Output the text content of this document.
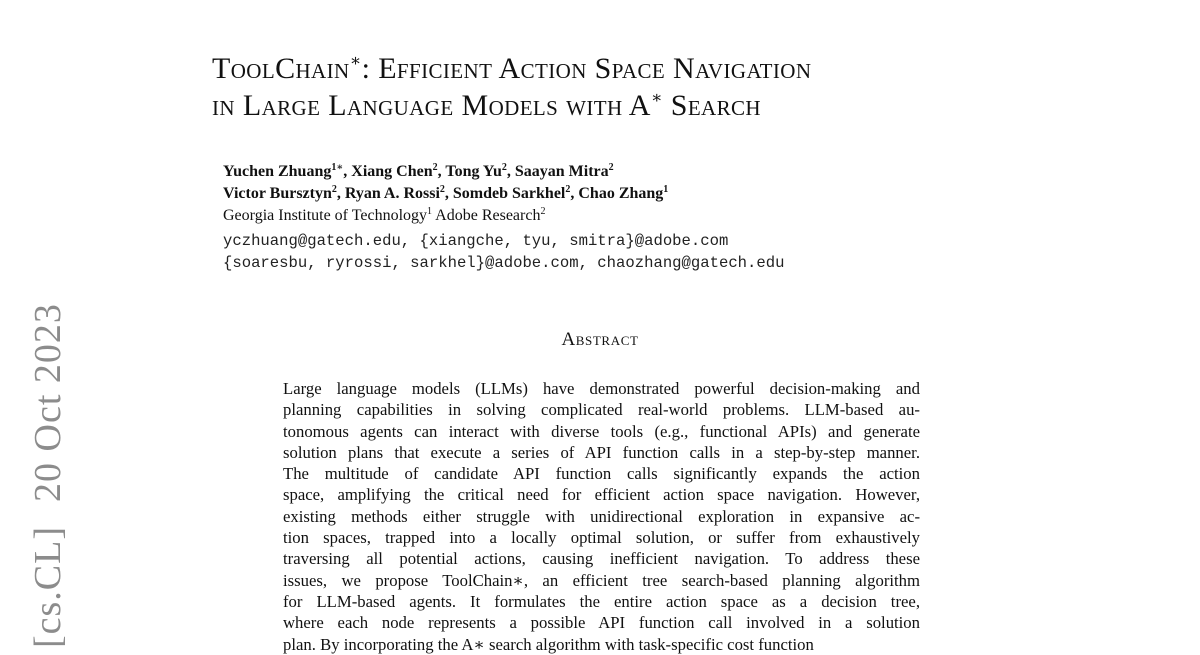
[cs.CL]20 Oct 2023
ToolChain∗: Efficient Action Space Navigation
in Large Language Models with A∗ Search
Yuchen Zhuang$^{1∗}$, Xiang Chen$^2$, Tong Yu$^2$, Saayan Mitra$^2$
Victor Bursztyn$^2$, Ryan A. Rossi$^2$, Somdeb Sarkhel$^2$, Chao Zhang$^1$
Georgia Institute of Technology$^1$ Adobe Research$^2$
yczhuang@gatech.edu, {xiangche, tyu, smitra}@adobe.com
{soaresbu, ryrossi, sarkhel}@adobe.com, chaozhang@gatech.edu
Abstract
Large language models (LLMs) have demonstrated powerful decision-making and
planning capabilities in solving complicated real-world problems. LLM-based au-
tonomous agents can interact with diverse tools (e.g., functional APIs) and generate
solution plans that execute a series of API function calls in a step-by-step manner.
The multitude of candidate API function calls significantly expands the action
space, amplifying the critical need for efficient action space navigation. However,
existing methods either struggle with unidirectional exploration in expansive ac-
tion spaces, trapped into a locally optimal solution, or suffer from exhaustively
traversing all potential actions, causing inefficient navigation. To address these
issues, we propose ToolChain∗, an efficient tree search-based planning algorithm
for LLM-based agents. It formulates the entire action space as a decision tree,
where each node represents a possible API function call involved in a solution
plan. By incorporating the A∗ search algorithm with task-specific cost function
